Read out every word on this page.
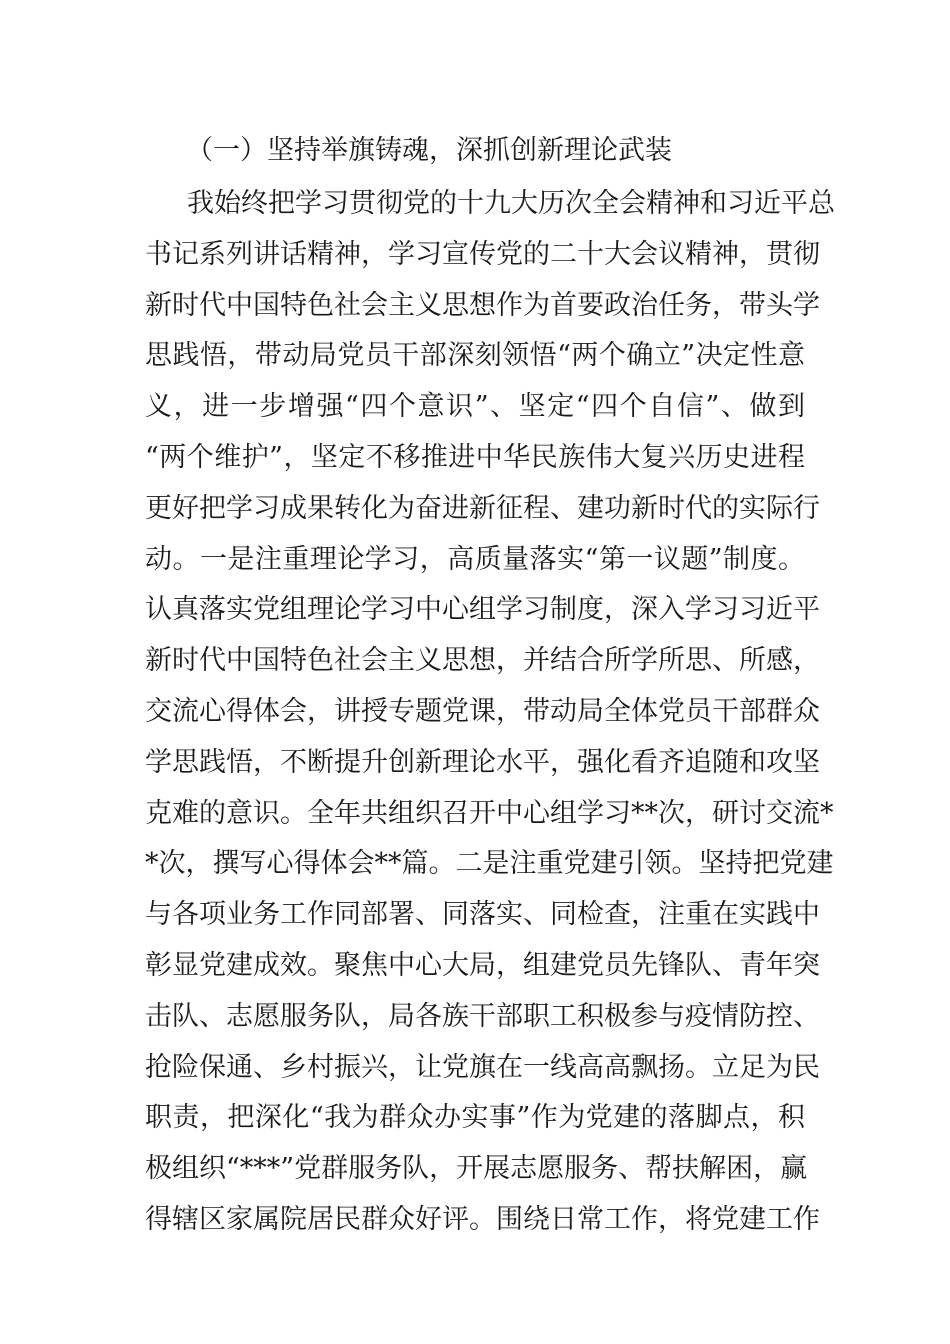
（一）坚持举旗铸魂，深抓创新理论武装
我始终把学习贯彻党的十九大历次全会精神和习近平总
书记系列讲话精神，学习宣传党的二十大会议精神，贯彻
新时代中国特色社会主义思想作为首要政治任务，带头学
思践悟，带动局党员干部深刻领悟“两个确立”决定性意
义，进一步增强“四个意识”、坚定“四个自信”、做到
“两个维护”，坚定不移推进中华民族伟大复兴历史进程
更好把学习成果转化为奋进新征程、建功新时代的实际行
动。一是注重理论学习，高质量落实“第一议题”制度。
认真落实党组理论学习中心组学习制度，深入学习习近平
新时代中国特色社会主义思想，并结合所学所思、所感，
交流心得体会，讲授专题党课，带动局全体党员干部群众
学思践悟，不断提升创新理论水平，强化看齐追随和攻坚
克难的意识。全年共组织召开中心组学习**次，研讨交流*
*次，撰写心得体会**篇。二是注重党建引领。坚持把党建
与各项业务工作同部署、同落实、同检查，注重在实践中
彰显党建成效。聚焦中心大局，组建党员先锋队、青年突
击队、志愿服务队，局各族干部职工积极参与疫情防控、
抢险保通、乡村振兴，让党旗在一线高高飘扬。立足为民
职责，把深化“我为群众办实事”作为党建的落脚点，积
极组织“***”党群服务队，开展志愿服务、帮扶解困，赢
得辖区家属院居民群众好评。围绕日常工作，将党建工作
